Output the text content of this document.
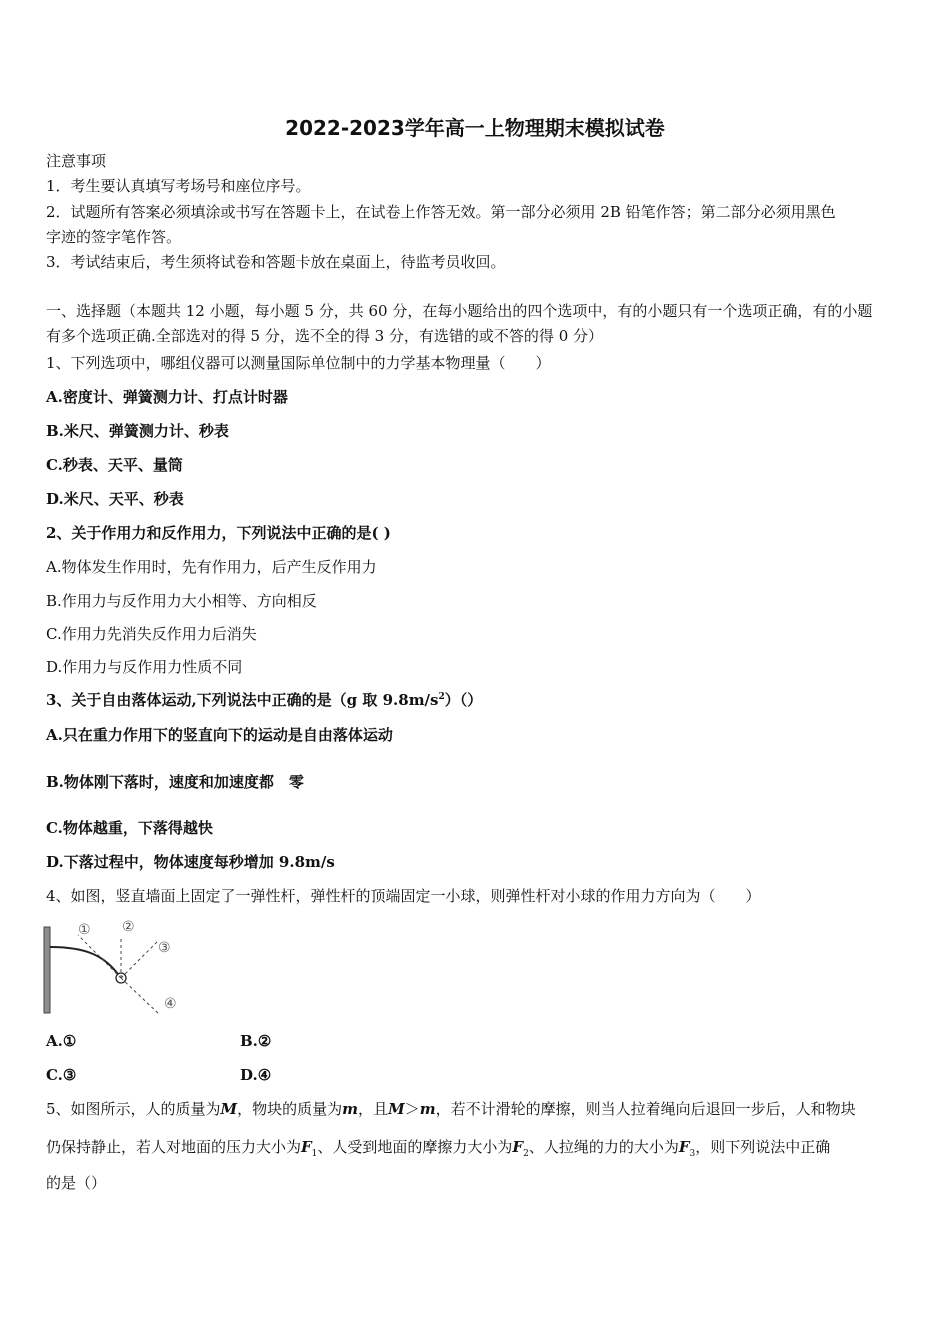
2022-2023学年高一上物理期末模拟试卷
注意事项
1．考生要认真填写考场号和座位序号。
2．试题所有答案必须填涂或书写在答题卡上，在试卷上作答无效。第一部分必须用 2B 铅笔作答；第二部分必须用黑色
字迹的签字笔作答。
3．考试结束后，考生须将试卷和答题卡放在桌面上，待监考员收回。
一、选择题（本题共 12 小题，每小题 5 分，共 60 分，在每小题给出的四个选项中，有的小题只有一个选项正确，有的小题
有多个选项正确.全部选对的得 5 分，选不全的得 3 分，有选错的或不答的得 0 分）
1、下列选项中，哪组仪器可以测量国际单位制中的力学基本物理量（　　）
A.密度计、弹簧测力计、打点计时器
B.米尺、弹簧测力计、秒表
C.秒表、天平、量筒
D.米尺、天平、秒表
2、关于作用力和反作用力，下列说法中正确的是( )
A.物体发生作用时，先有作用力，后产生反作用力
B.作用力与反作用力大小相等、方向相反
C.作用力先消失反作用力后消失
D.作用力与反作用力性质不同
3、关于自由落体运动,下列说法中正确的是（g 取 $9.8m/s^2)()$
A.只在重力作用下的竖直向下的运动是自由落体运动
B.物体刚下落时，速度和加速度都　零
C.物体越重，下落得越快
D.下落过程中，物体速度每秒增加 9.8m/s
4、如图，竖直墙面上固定了一弹性杆，弹性杆的顶端固定一小球，则弹性杆对小球的作用力方向为（　　）
① ②
③
④
A.①	B.②
C.③	D.④
5、如图所示，人的质量为M，物块的质量为m，且M＞m，若不计滑轮的摩擦，则当人拉着绳向后退回一步后，人和物块
仍保持静止，若人对地面的压力大小为$F_1$、人受到地面的摩擦力大小为$F_2$、人拉绳的力的大小为$F_3$，则下列说法中正确
的是（）
